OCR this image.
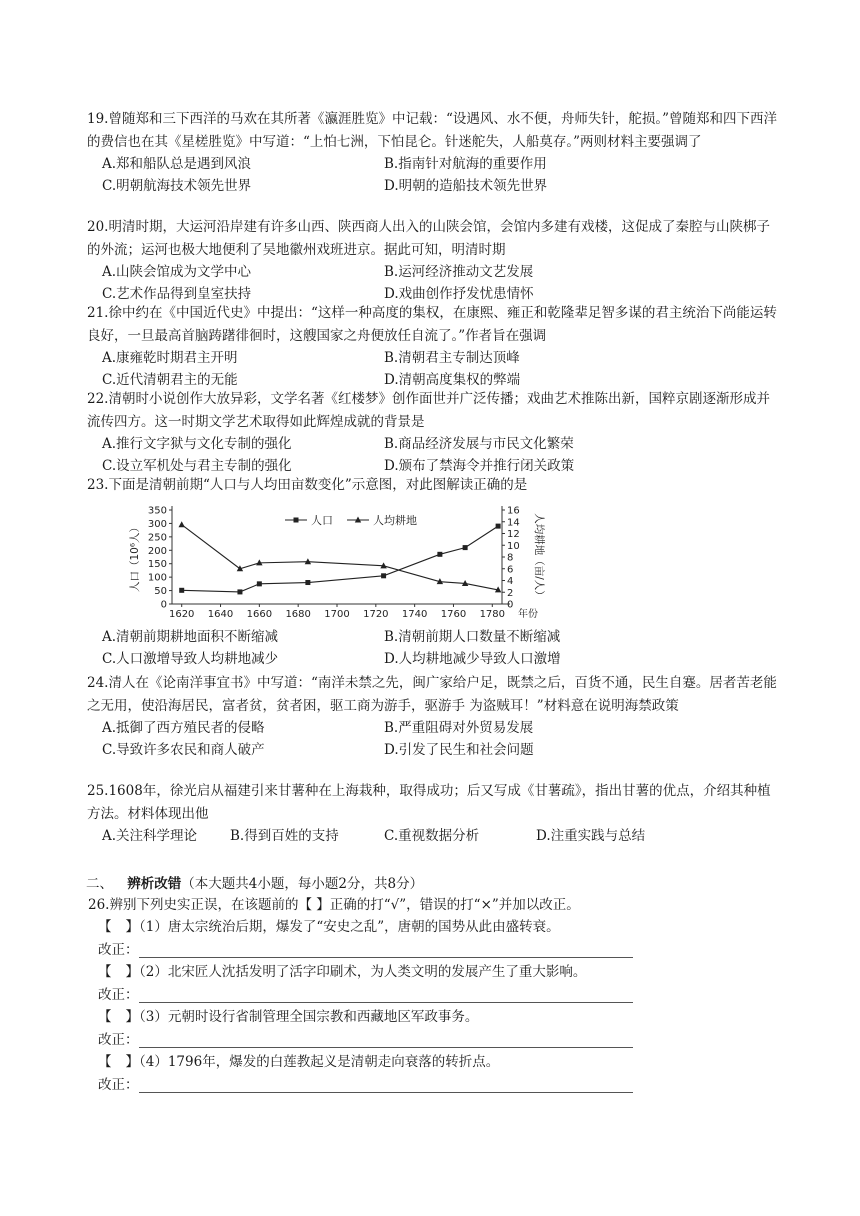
19.曾随郑和三下西洋的马欢在其所著《瀛涯胜览》中记载：“设遇风、水不便，舟师失针，舵损。”曾随郑和四下西洋的费信也在其《星槎胜览》中写道：“上怕七洲，下怕昆仑。针迷舵失，人船莫存。”两则材料主要强调了
A.郑和船队总是遇到风浪	B.指南针对航海的重要作用
C.明朝航海技术领先世界	D.明朝的造船技术领先世界
20.明清时期，大运河沿岸建有许多山西、陕西商人出入的山陕会馆，会馆内多建有戏楼，这促成了秦腔与山陕梆子的外流；运河也极大地便利了吴地徽州戏班进京。据此可知，明清时期
A.山陕会馆成为文学中心	B.运河经济推动文艺发展
C.艺术作品得到皇室扶持	D.戏曲创作抒发忧患情怀
21.徐中约在《中国近代史》中提出：“这样一种高度的集权，在康熙、雍正和乾隆辈足智多谋的君主统治下尚能运转良好，一旦最高首脑踌躇徘徊时，这艘国家之舟便放任自流了。”作者旨在强调
A.康雍乾时期君主开明	B.清朝君主专制达顶峰
C.近代清朝君主的无能	D.清朝高度集权的弊端
22.清朝时小说创作大放异彩，文学名著《红楼梦》创作面世并广泛传播；戏曲艺术推陈出新，国粹京剧逐渐形成并流传四方。这一时期文学艺术取得如此辉煌成就的背景是
A.推行文字狱与文化专制的强化	B.商品经济发展与市民文化繁荣
C.设立军机处与君主专制的强化	D.颁布了禁海令并推行闭关政策
23.下面是清朝前期“人口与人均田亩数变化”示意图，对此图解读正确的是
0
50
100
150
200
250
300
350
0
2
4
6
8
10
12
14
16
1620 1640 1660 1680 1700 1720 1740 1760 1780 年份
人口（10⁶人）	人均耕地（亩/人）
人口	人均耕地
A.清朝前期耕地面积不断缩减	B.清朝前期人口数量不断缩减
C.人口激增导致人均耕地减少	D.人均耕地减少导致人口激增
24.清人在《论南洋事宜书》中写道：“南洋未禁之先，闽广家给户足，既禁之后，百货不通，民生自蹇。居者苦老能之无用，使沿海居民，富者贫，贫者困，驱工商为游手，驱游手 为盗贼耳！”材料意在说明海禁政策
A.抵御了西方殖民者的侵略	B.严重阻碍对外贸易发展
C.导致许多农民和商人破产	D.引发了民生和社会问题
25.1608年，徐光启从福建引来甘薯种在上海栽种，取得成功；后又写成《甘薯疏》，指出甘薯的优点，介绍其种植方法。材料体现出他
A.关注科学理论 B.得到百姓的支持	C.重视数据分析	D.注重实践与总结
二、 辨析改错（本大题共4小题，每小题2分，共8分）
26.辨别下列史实正误，在该题前的【 】正确的打“√”，错误的打“×”并加以改正。
【 】（1）唐太宗统治后期，爆发了“安史之乱”，唐朝的国势从此由盛转衰。
改正：
【 】（2）北宋匠人沈括发明了活字印刷术，为人类文明的发展产生了重大影响。
改正：
【 】（3）元朝时设行省制管理全国宗教和西藏地区军政事务。
改正：
【 】（4）1796年，爆发的白莲教起义是清朝走向衰落的转折点。
改正：
